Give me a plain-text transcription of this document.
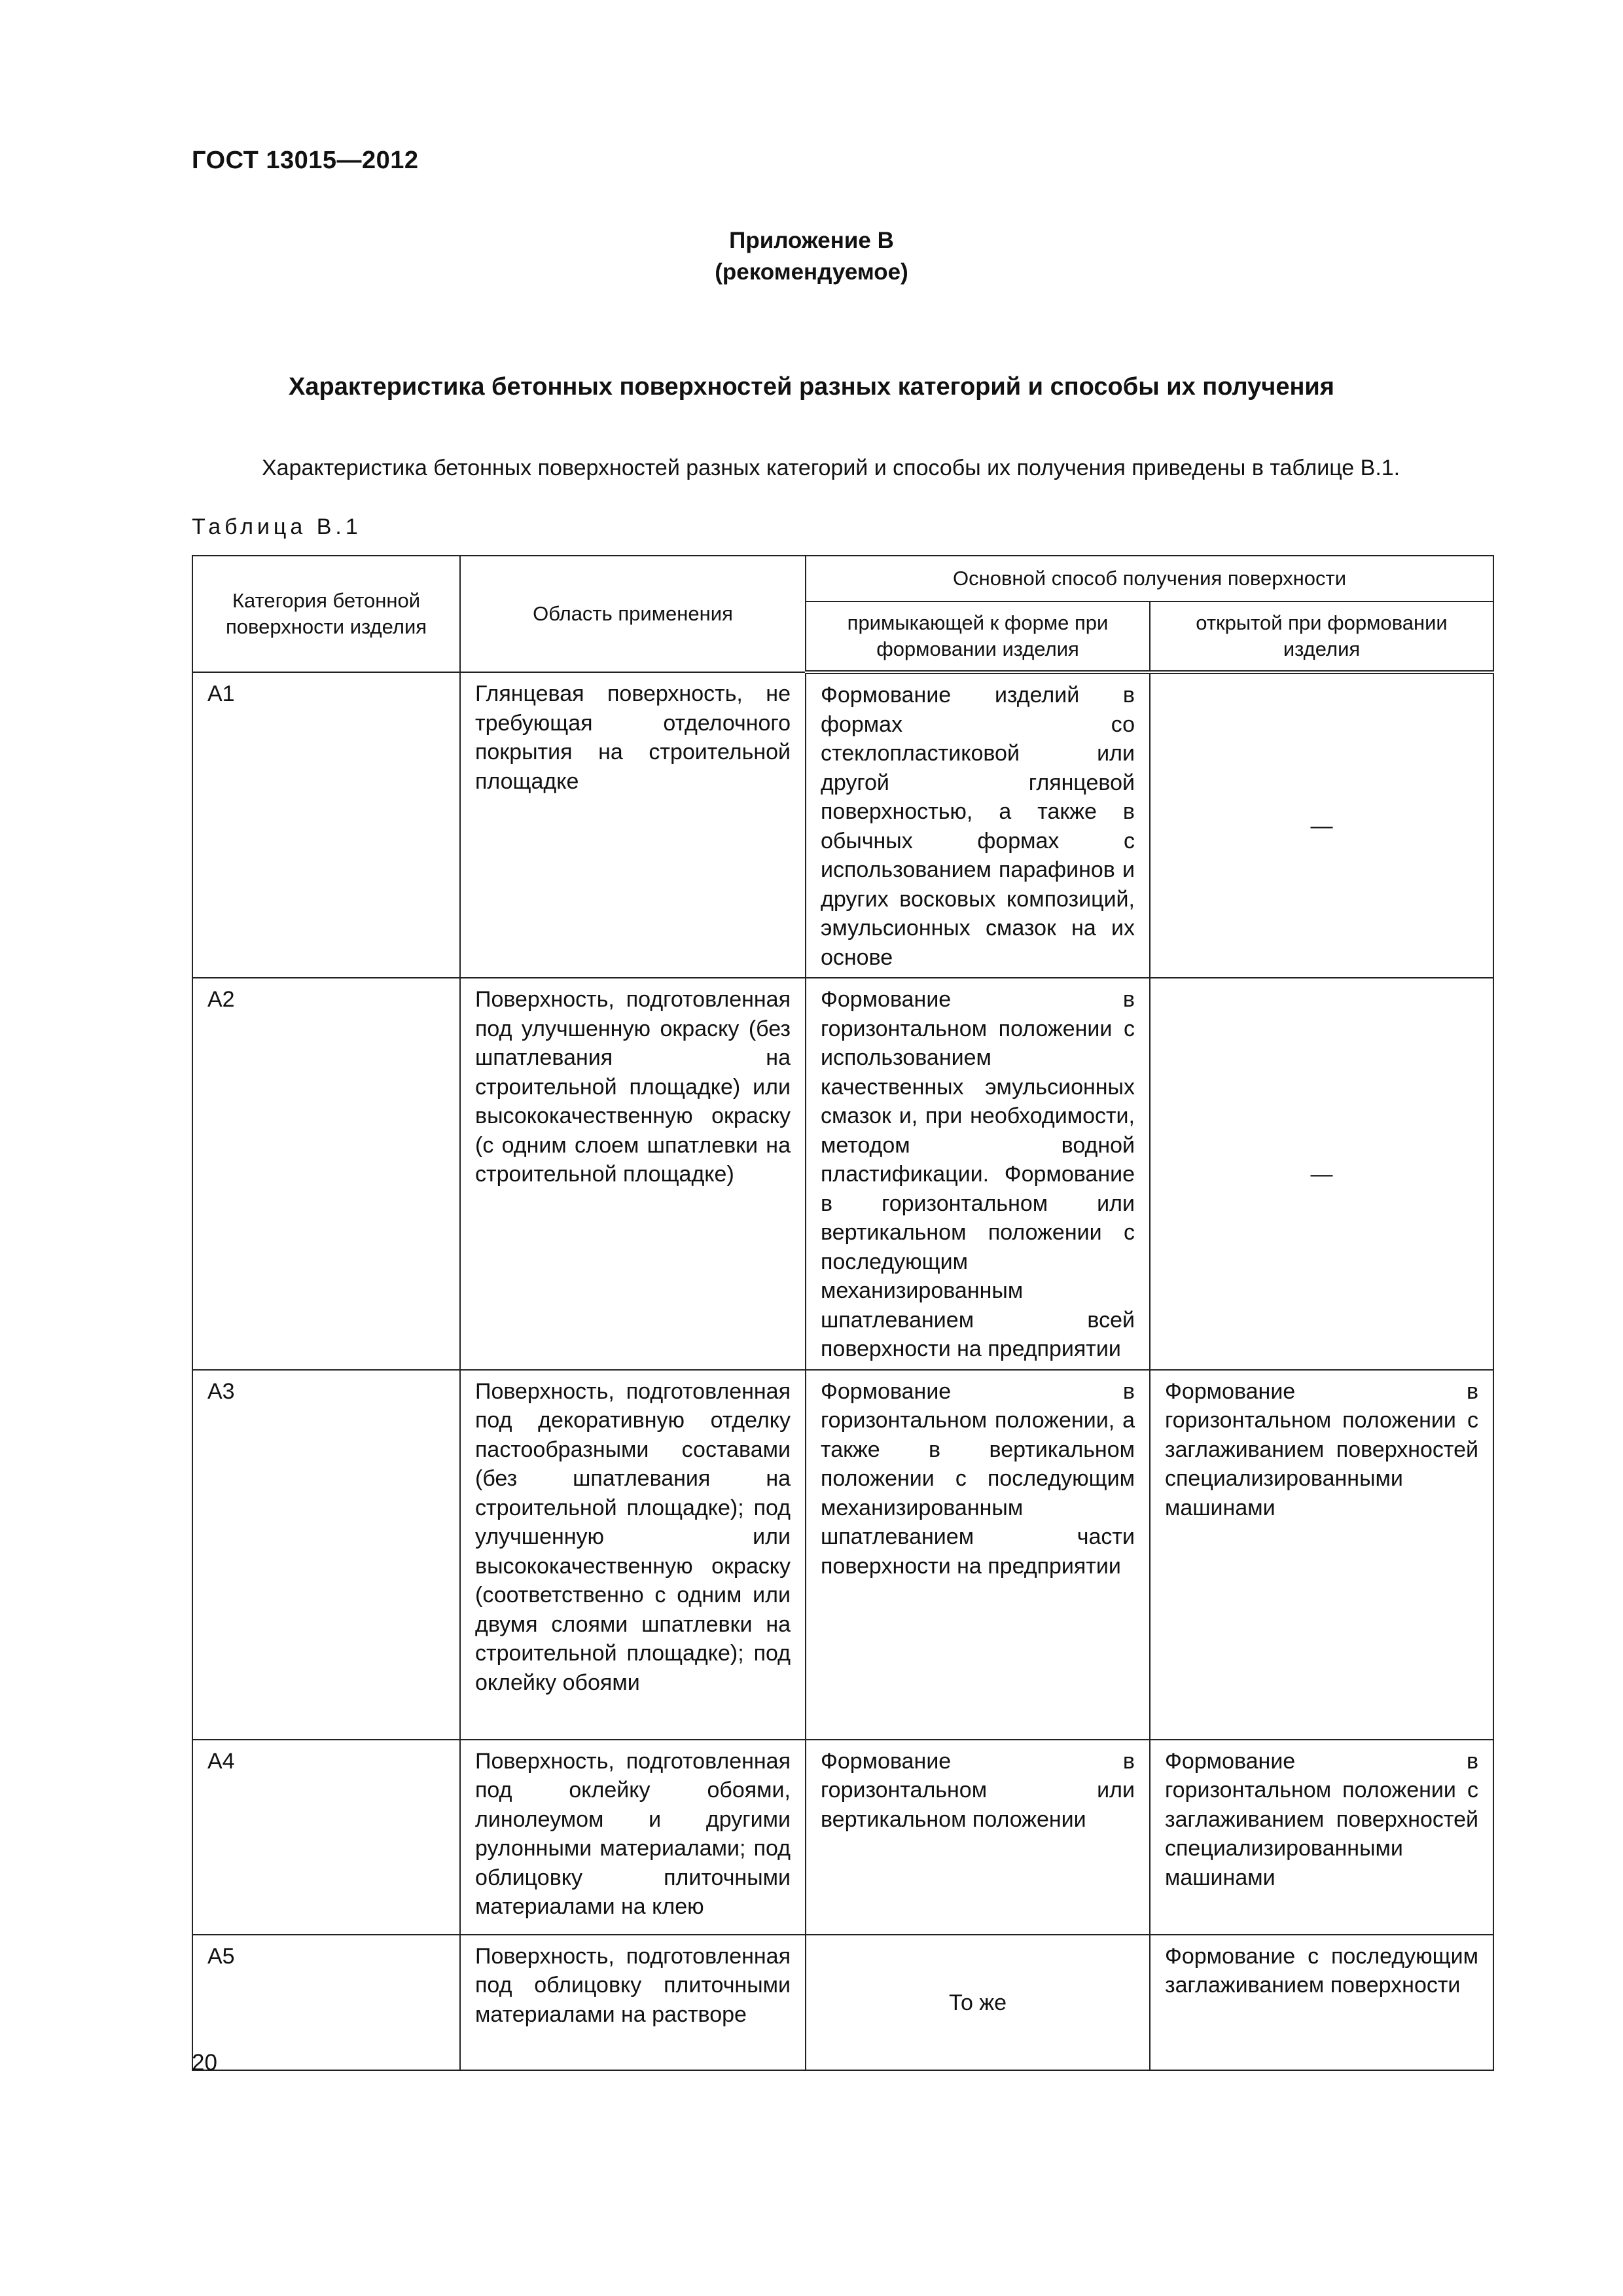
ГОСТ 13015—2012
Приложение В
(рекомендуемое)
Характеристика бетонных поверхностей разных категорий и способы их получения
Характеристика бетонных поверхностей разных категорий и способы их получения приведены в таблице В.1.
Таблица В.1
Категория бетонной поверхности изделия	Область применения	Основной способ получения поверхности	
		примыкающей к форме при формовании изделия	открытой при формовании изделия
А1	Глянцевая поверхность, не требующая отделочного покрытия на строительной площадке	Формование изделий в формах со стеклопластиковой или другой глянцевой поверхностью, а также в обычных формах с использованием парафинов и других восковых композиций, эмульсионных смазок на их основе	—
А2	Поверхность, подготовленная под улучшенную окраску (без шпатлевания на строительной площадке) или высококачественную окраску (с одним слоем шпатлевки на строительной площадке)	Формование в горизонтальном положении с использованием качественных эмульсионных смазок и, при необходимости, методом водной пластификации. Формование в горизонтальном или вертикальном положении с последующим механизированным шпатлеванием всей поверхности на предприятии	—
А3	Поверхность, подготовленная под декоративную отделку пастообразными составами (без шпатлевания на строительной площадке); под улучшенную или высококачественную окраску (соответственно с одним или двумя слоями шпатлевки на строительной площадке); под оклейку обоями	Формование в горизонтальном положении, а также в вертикальном положении с последующим механизированным шпатлеванием части поверхности на предприятии	Формование в горизонтальном положении с заглаживанием поверхностей специализированными машинами
А4	Поверхность, подготовленная под оклейку обоями, линолеумом и другими рулонными материалами; под облицовку плиточными материалами на клею	Формование в горизонтальном или вертикальном положении	Формование в горизонтальном положении с заглаживанием поверхностей специализированными машинами
А5	Поверхность, подготовленная под облицовку плиточными материалами на растворе	То же	Формование с последующим заглаживанием поверхности
20
